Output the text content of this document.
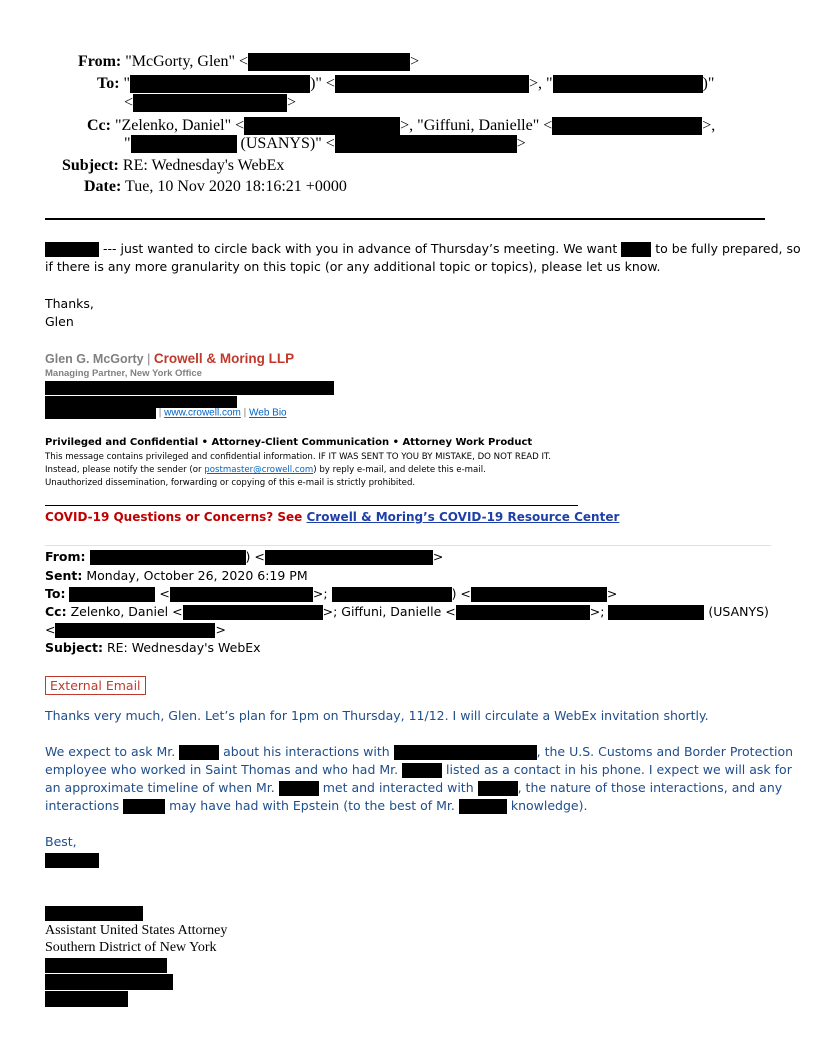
From: "McGorty, Glen" <	>
To: "	)" <	>, "	)"
<	>
Cc: "Zelenko, Daniel" <	>, "Giffuni, Danielle" <	>,
"	(USANYS)" <	>
Subject: RE: Wednesday's WebEx
Date: Tue, 10 Nov 2020 18:16:21 +0000
--- just wanted to circle back with you in advance of Thursday’s meeting. We want  to be fully prepared, so
if there is any more granularity on this topic (or any additional topic or topics), please let us know.
Thanks,
Glen
Glen G. McGorty | Crowell & Moring LLP
Managing Partner, New York Office
| www.crowell.com | Web Bio
Privileged and Confidential • Attorney-Client Communication • Attorney Work Product
This message contains privileged and confidential information. IF IT WAS SENT TO YOU BY MISTAKE, DO NOT READ IT.
Instead, please notify the sender (or postmaster@crowell.com) by reply e-mail, and delete this e-mail.
Unauthorized dissemination, forwarding or copying of this e-mail is strictly prohibited.
COVID-19 Questions or Concerns? See Crowell & Moring’s COVID-19 Resource Center
From:	) <	>
Sent: Monday, October 26, 2020 6:19 PM
To:	<	>;	) <	>
Cc: Zelenko, Daniel <	>; Giffuni, Danielle <	>;	(USANYS)
<	>
Subject: RE: Wednesday's WebEx
External Email
Thanks very much, Glen. Let’s plan for 1pm on Thursday, 11/12. I will circulate a WebEx invitation shortly.
We expect to ask Mr.	about his interactions with	, the U.S. Customs and Border Protection
employee who worked in Saint Thomas and who had Mr.	listed as a contact in his phone. I expect we will ask for
an approximate timeline of when Mr.	met and interacted with	, the nature of those interactions, and any
interactions	may have had with Epstein (to the best of Mr.	knowledge).
Best,
Assistant United States Attorney
Southern District of New York
